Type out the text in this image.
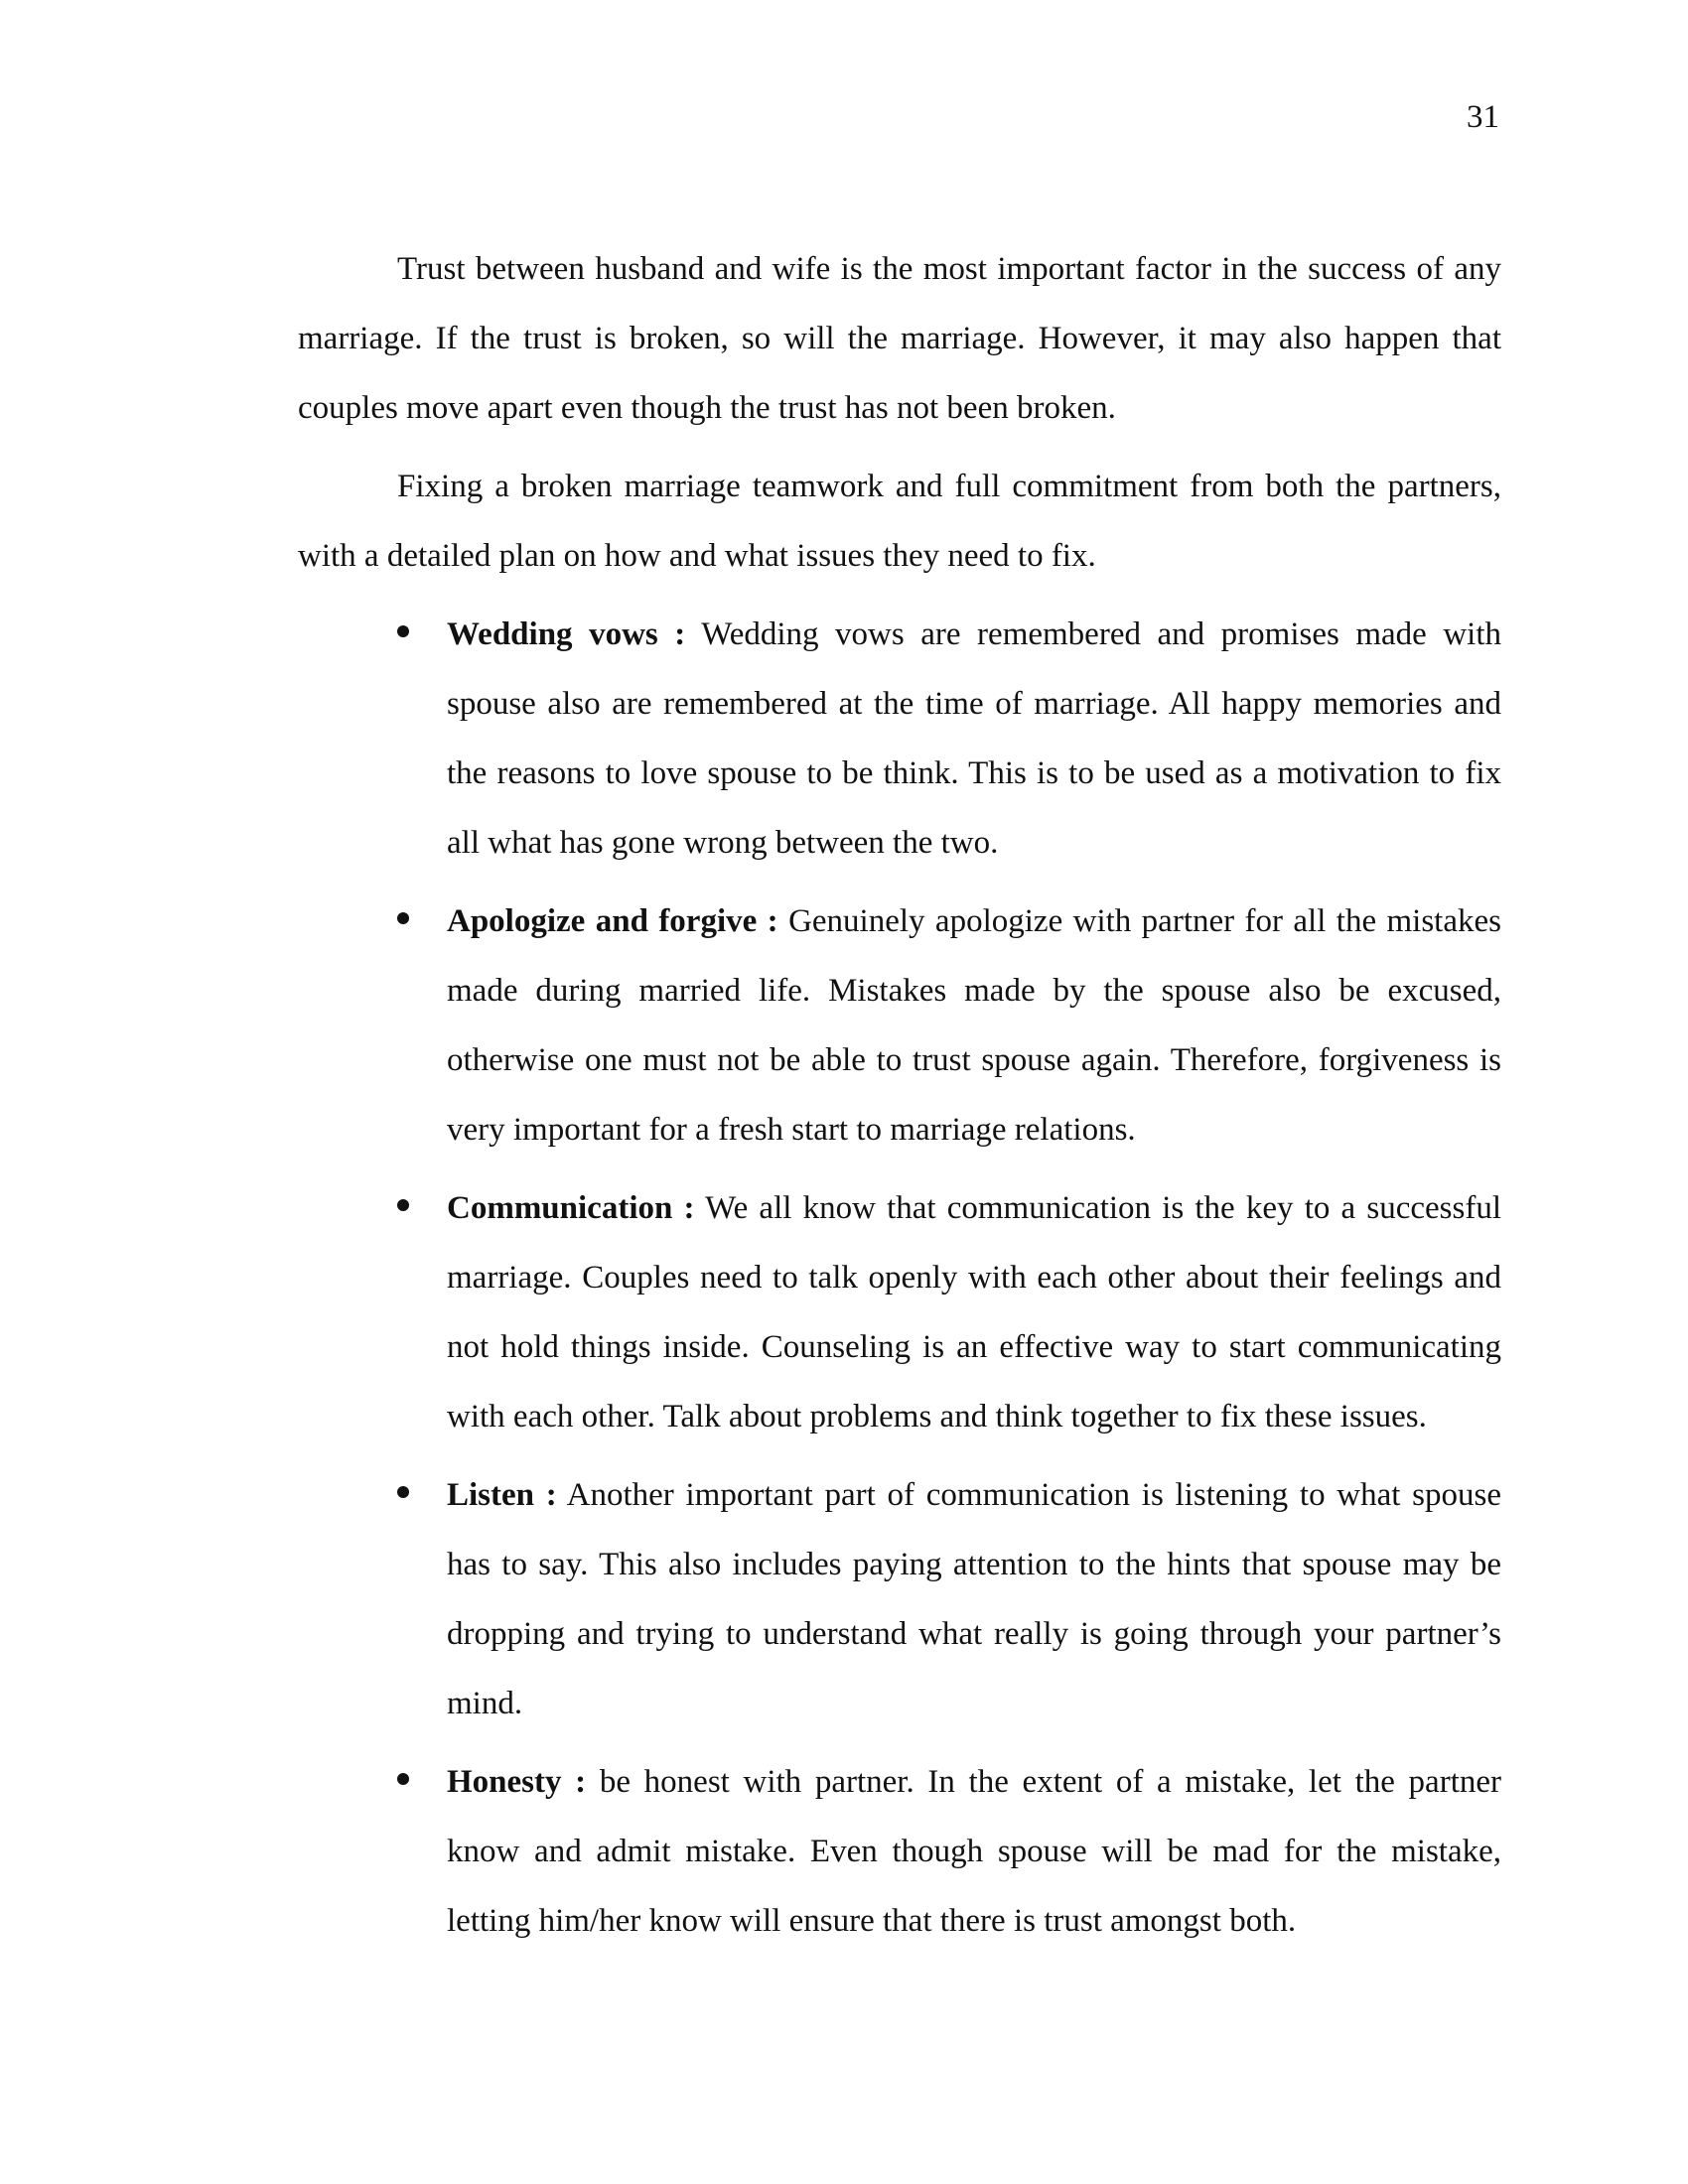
31

Trust between husband and wife is the most important factor in the success of any marriage. If the trust is broken, so will the marriage. However, it may also happen that couples move apart even though the trust has not been broken.

Fixing a broken marriage teamwork and full commitment from both the partners, with a detailed plan on how and what issues they need to fix.

Wedding vows : Wedding vows are remembered and promises made with spouse also are remembered at the time of marriage. All happy memories and the reasons to love spouse to be think. This is to be used as a motivation to fix all what has gone wrong between the two.
Apologize and forgive : Genuinely apologize with partner for all the mistakes made during married life. Mistakes made by the spouse also be excused, otherwise one must not be able to trust spouse again. Therefore, forgiveness is very important for a fresh start to marriage relations.
Communication : We all know that communication is the key to a successful marriage. Couples need to talk openly with each other about their feelings and not hold things inside. Counseling is an effective way to start communicating with each other. Talk about problems and think together to fix these issues.
Listen : Another important part of communication is listening to what spouse has to say. This also includes paying attention to the hints that spouse may be dropping and trying to understand what really is going through your partner’s mind.
Honesty : be honest with partner. In the extent of a mistake, let the partner know and admit mistake. Even though spouse will be mad for the mistake, letting him/her know will ensure that there is trust amongst both.
